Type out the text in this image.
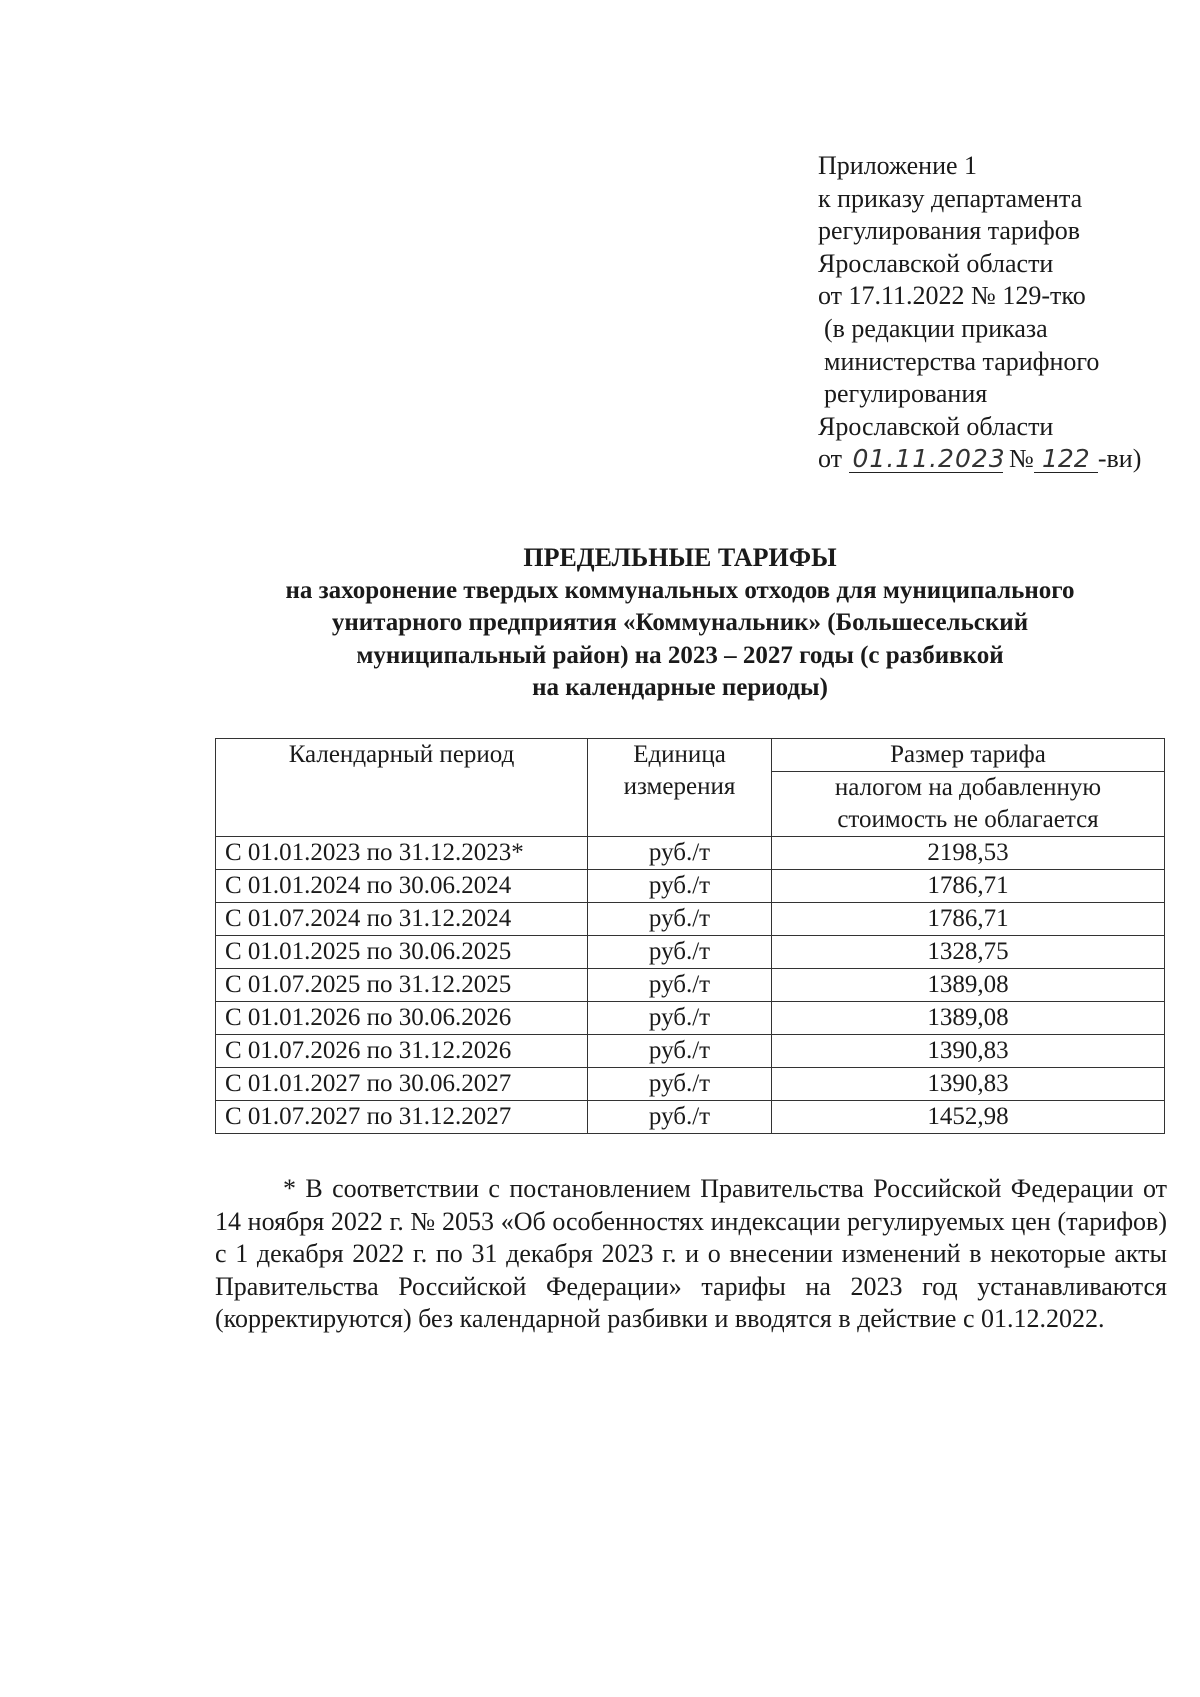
Приложение 1
к приказу департамента
регулирования тарифов
Ярославской области
от 17.11.2022 № 129-тко
(в редакции приказа
министерства тарифного
регулирования
Ярославской области
от 01.11.2023 № 122 -ви)
ПРЕДЕЛЬНЫЕ ТАРИФЫ
на захоронение твердых коммунальных отходов для муниципального
унитарного предприятия «Коммунальник» (Большесельский
муниципальный район) на 2023 – 2027 годы (с разбивкой
на календарные периоды)
Календарный период	Единица измерения	Размер тарифа
		налогом на добавленную стоимость не облагается
С 01.01.2023 по 31.12.2023*	руб./т	2198,53
С 01.01.2024 по 30.06.2024	руб./т	1786,71
С 01.07.2024 по 31.12.2024	руб./т	1786,71
С 01.01.2025 по 30.06.2025	руб./т	1328,75
С 01.07.2025 по 31.12.2025	руб./т	1389,08
С 01.01.2026 по 30.06.2026	руб./т	1389,08
С 01.07.2026 по 31.12.2026	руб./т	1390,83
С 01.01.2027 по 30.06.2027	руб./т	1390,83
С 01.07.2027 по 31.12.2027	руб./т	1452,98

* В соответствии с постановлением Правительства Российской Федерации от 14 ноября 2022 г. № 2053 «Об особенностях индексации регулируемых цен (тарифов) с 1 декабря 2022 г. по 31 декабря 2023 г. и о внесении изменений в некоторые акты Правительства Российской Федерации» тарифы на 2023 год устанавливаются (корректируются) без календарной разбивки и вводятся в действие с 01.12.2022.
